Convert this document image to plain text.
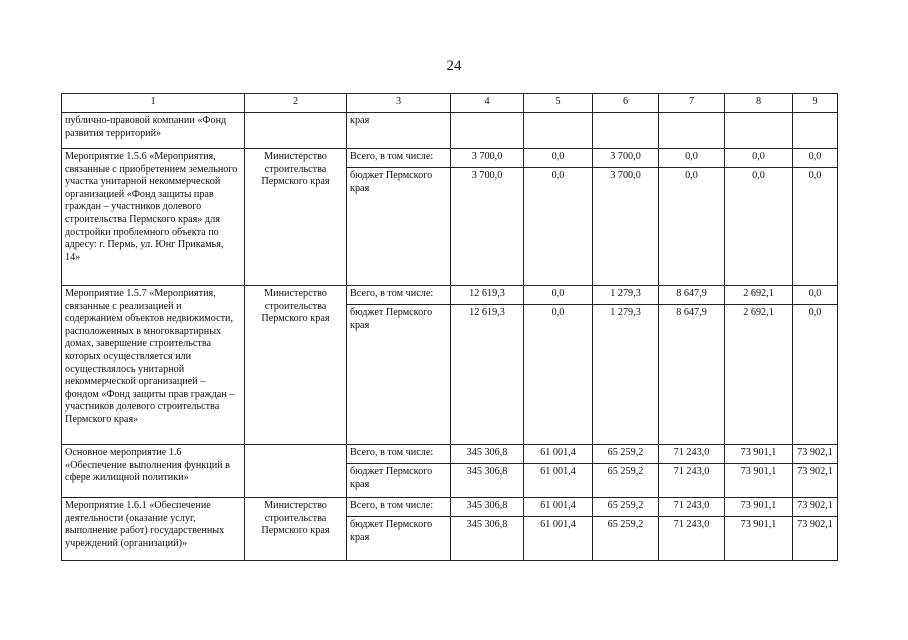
24
1	2	3	4	5	6	7	8	9
публично-правовой компании «Фонд развития территорий»		края						
Мероприятие 1.5.6 «Мероприятия, связанные с приобретением земельного участка унитарной некоммерческой организацией «Фонд защиты прав граждан – участников долевого строительства Пермского края» для достройки проблемного объекта по адресу: г. Пермь, ул. Юнг Прикамья, 14»	Министерство строительства Пермского края	Всего, в том числе:	3 700,0	0,0	3 700,0	0,0	0,0	0,0
		бюджет Пермского края	3 700,0	0,0	3 700,0	0,0	0,0	0,0
Мероприятие 1.5.7 «Мероприятия, связанные с реализацией и содержанием объектов недвижимости, расположенных в многоквартирных домах, завершение строительства которых осуществляется или осуществлялось унитарной некоммерческой организацией – фондом «Фонд защиты прав граждан – участников долевого строительства Пермского края»	Министерство строительства Пермского края	Всего, в том числе:	12 619,3	0,0	1 279,3	8 647,9	2 692,1	0,0
		бюджет Пермского края	12 619,3	0,0	1 279,3	8 647,9	2 692,1	0,0
Основное мероприятие 1.6 «Обеспечение выполнения функций в сфере жилищной политики»		Всего, в том числе:	345 306,8	61 001,4	65 259,2	71 243,0	73 901,1	73 902,1
		бюджет Пермского края	345 306,8	61 001,4	65 259,2	71 243,0	73 901,1	73 902,1
Мероприятие 1.6.1 «Обеспечение деятельности (оказание услуг, выполнение работ) государственных учреждений (организаций)»	Министерство строительства Пермского края	Всего, в том числе:	345 306,8	61 001,4	65 259,2	71 243,0	73 901,1	73 902,1
		бюджет Пермского края	345 306,8	61 001,4	65 259,2	71 243,0	73 901,1	73 902,1
